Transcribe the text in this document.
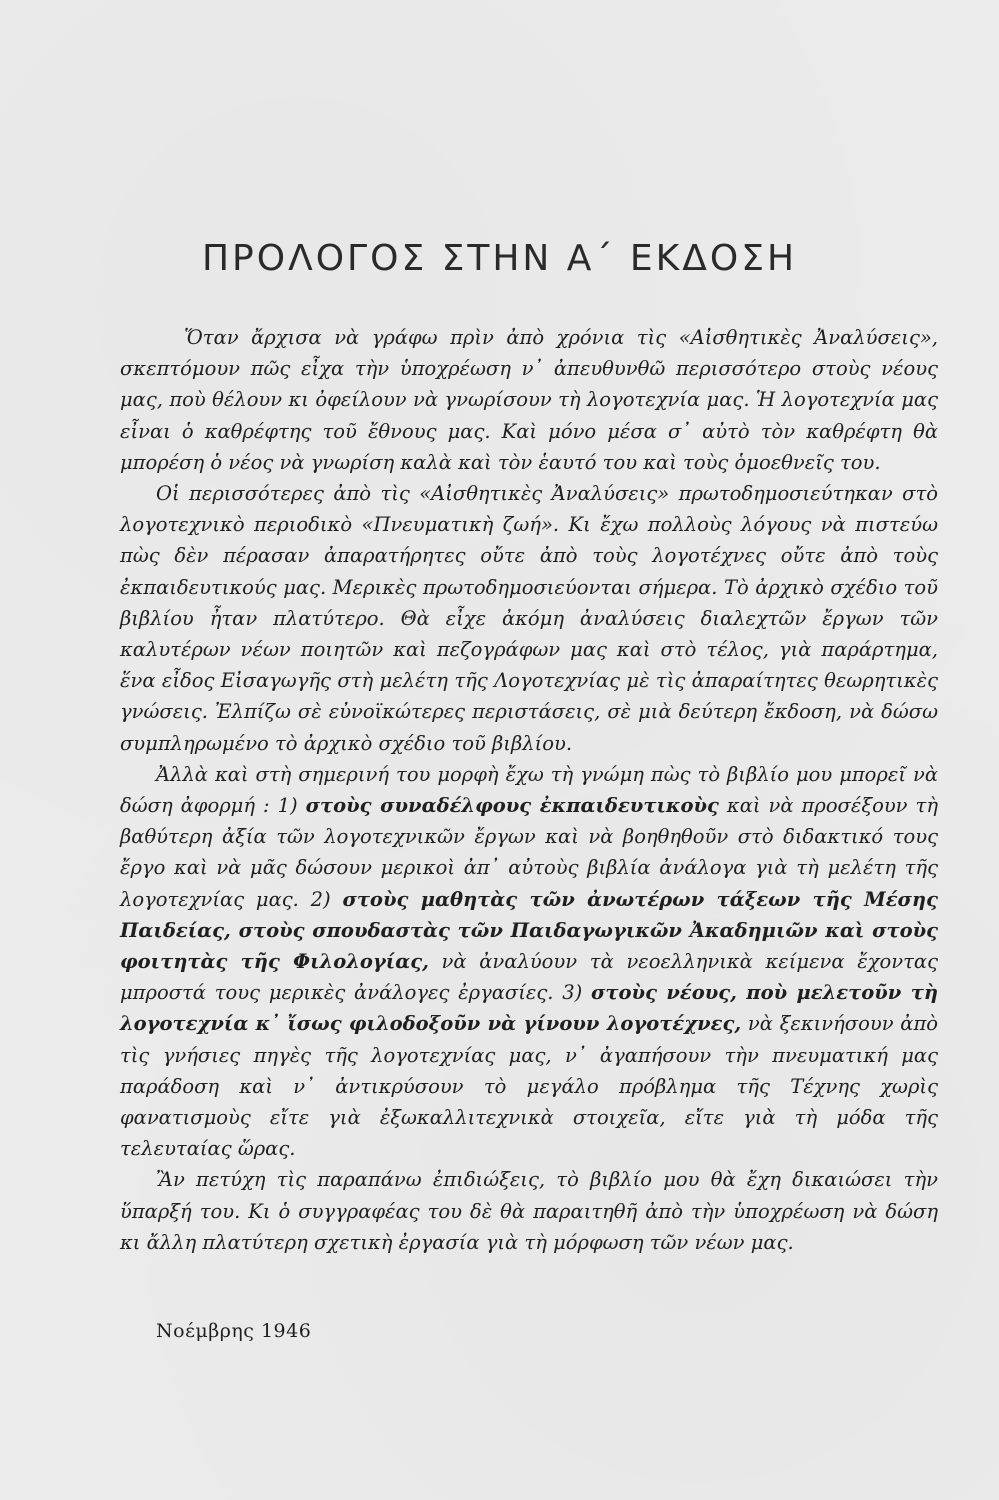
ΠΡΟΛΟΓΟΣ ΣΤΗΝ Α΄ ΕΚΔΟΣΗ

Ὅταν ἄρχισα νὰ γράφω πρὶν ἀπὸ χρόνια τὶς «Αἰσθητικὲς Ἀναλύσεις», σκεπτόμουν πῶς εἶχα τὴν ὑποχρέωση ν᾽ ἀπευθυνθῶ περισσότερο στοὺς νέους μας, ποὺ θέλουν κι ὀφείλουν νὰ γνωρίσουν τὴ λογοτεχνία μας. Ἡ λογοτεχνία μας εἶναι ὁ καθρέφτης τοῦ ἔθνους μας. Καὶ μόνο μέσα σ᾽ αὐτὸ τὸν καθρέφτη θὰ μπορέση ὁ νέος νὰ γνωρίση καλὰ καὶ τὸν ἑαυτό του καὶ τοὺς ὁμοεθνεῖς του.

Οἱ περισσότερες ἀπὸ τὶς «Αἰσθητικὲς Ἀναλύσεις» πρωτοδημοσιεύτηκαν στὸ λογοτεχνικὸ περιοδικὸ «Πνευματικὴ ζωή». Κι ἔχω πολλοὺς λόγους νὰ πιστεύω πὼς δὲν πέρασαν ἀπαρατήρητες οὔτε ἀπὸ τοὺς λογοτέχνες οὔτε ἀπὸ τοὺς ἐκπαιδευτικούς μας. Μερικὲς πρωτοδημοσιεύονται σήμερα. Τὸ ἀρχικὸ σχέδιο τοῦ βιβλίου ἦταν πλατύτερο. Θὰ εἶχε ἀκόμη ἀναλύσεις διαλεχτῶν ἔργων τῶν καλυτέρων νέων ποιητῶν καὶ πεζογράφων μας καὶ στὸ τέλος, γιὰ παράρτημα, ἕνα εἶδος Εἰσαγωγῆς στὴ μελέτη τῆς Λογοτεχνίας μὲ τὶς ἀπαραίτητες θεωρητικὲς γνώσεις. Ἐλπίζω σὲ εὐνοϊκώτερες περιστάσεις, σὲ μιὰ δεύτερη ἔκδοση, νὰ δώσω συμπληρωμένο τὸ ἀρχικὸ σχέδιο τοῦ βιβλίου.

Ἀλλὰ καὶ στὴ σημερινή του μορφὴ ἔχω τὴ γνώμη πὼς τὸ βιβλίο μου μπορεῖ νὰ δώση ἀφορμή : 1) στοὺς συναδέλφους ἐκπαιδευτικοὺς καὶ νὰ προσέξουν τὴ βαθύτερη ἀξία τῶν λογοτεχνικῶν ἔργων καὶ νὰ βοηθηθοῦν στὸ διδακτικό τους ἔργο καὶ νὰ μᾶς δώσουν μερικοὶ ἀπ᾽ αὐτοὺς βιβλία ἀνάλογα γιὰ τὴ μελέτη τῆς λογοτεχνίας μας. 2) στοὺς μαθητὰς τῶν ἀνωτέρων τάξεων τῆς Μέσης Παιδείας, στοὺς σπουδαστὰς τῶν Παιδαγωγικῶν Ἀκαδημιῶν καὶ στοὺς φοιτητὰς τῆς Φιλολογίας, νὰ ἀναλύουν τὰ νεοελληνικὰ κείμενα ἔχοντας μπροστά τους μερικὲς ἀνάλογες ἐργασίες. 3) στοὺς νέους, ποὺ μελετοῦν τὴ λογοτεχνία κ᾽ ἴσως φιλοδοξοῦν νὰ γίνουν λογοτέχνες, νὰ ξεκινήσουν ἀπὸ τὶς γνήσιες πηγὲς τῆς λογοτεχνίας μας, ν᾽ ἀγαπήσουν τὴν πνευματική μας παράδοση καὶ ν᾽ ἀντικρύσουν τὸ μεγάλο πρόβλημα τῆς Τέχνης χωρὶς φανατισμοὺς εἴτε γιὰ ἐξωκαλλιτεχνικὰ στοιχεῖα, εἴτε γιὰ τὴ μόδα τῆς τελευταίας ὥρας.

Ἂν πετύχη τὶς παραπάνω ἐπιδιώξεις, τὸ βιβλίο μου θὰ ἔχη δικαιώσει τὴν ὕπαρξή του. Κι ὁ συγγραφέας του δὲ θὰ παραιτηθῆ ἀπὸ τὴν ὑποχρέωση νὰ δώση κι ἄλλη πλατύτερη σχετικὴ ἐργασία γιὰ τὴ μόρφωση τῶν νέων μας.

Νοέμβρης 1946
